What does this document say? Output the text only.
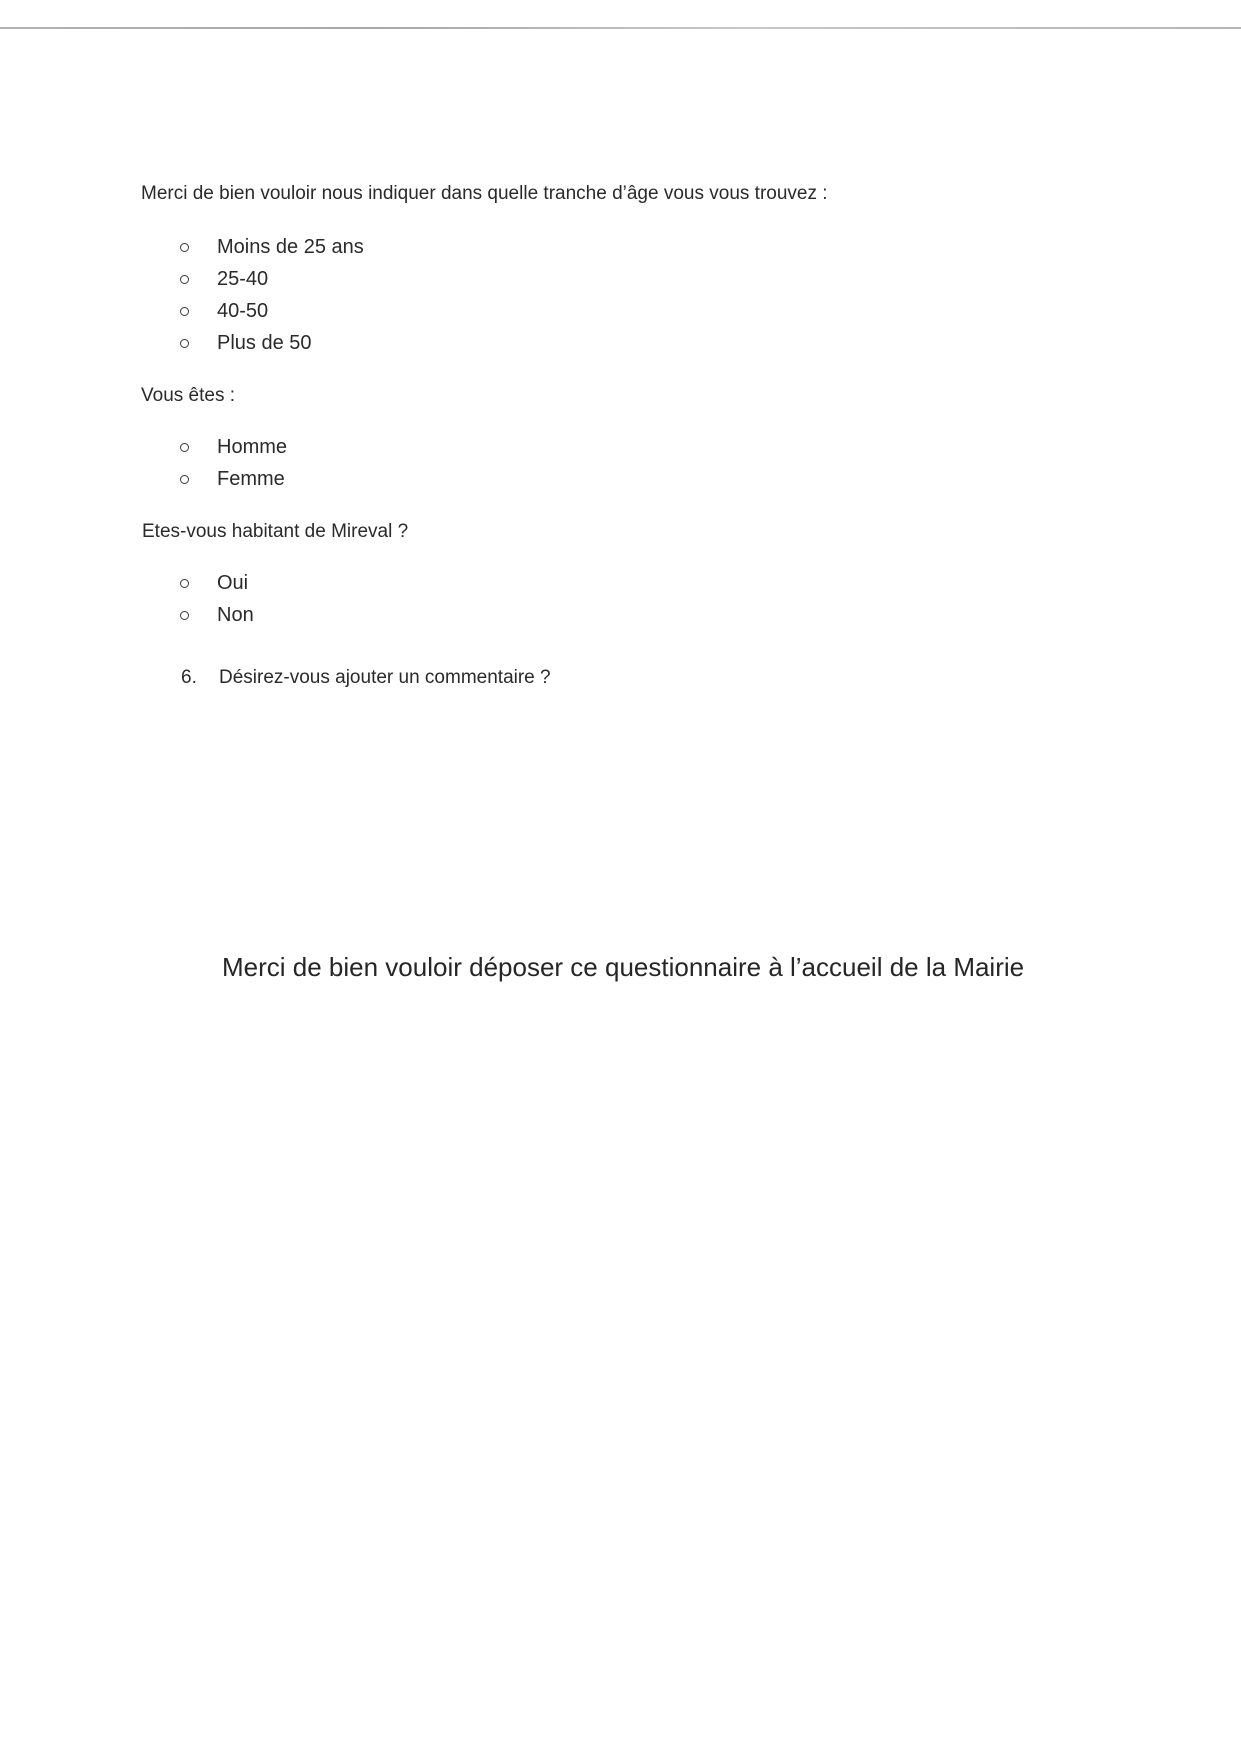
Merci de bien vouloir nous indiquer dans quelle tranche d’âge vous vous trouvez :
Moins de 25 ans
25-40
40-50
Plus de 50
Vous êtes :
Homme
Femme
Etes-vous habitant de Mireval ?
Oui
Non
6. Désirez-vous ajouter un commentaire ?
Merci de bien vouloir déposer ce questionnaire à l’accueil de la Mairie
